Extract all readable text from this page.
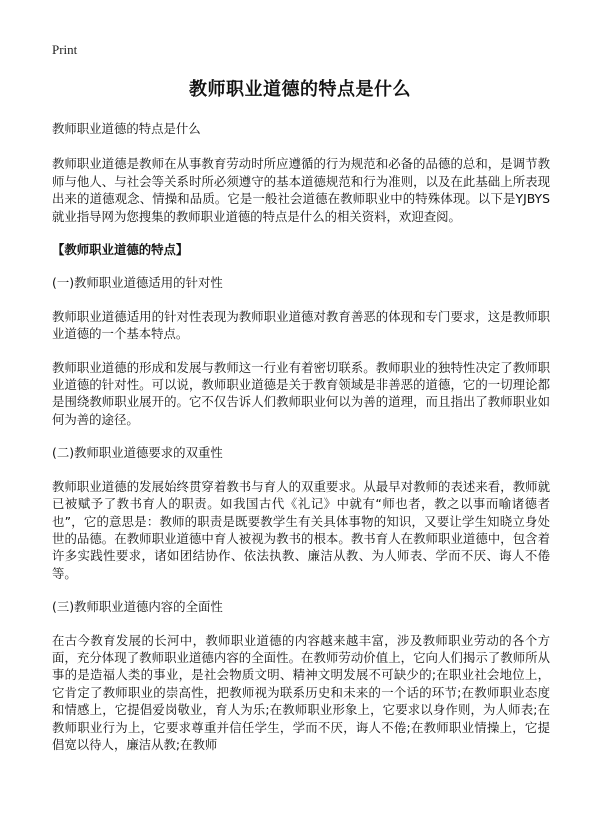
Print
教师职业道德的特点是什么

教师职业道德的特点是什么

教师职业道德是教师在从事教育劳动时所应遵循的行为规范和必备的品德的总和，是调节教师与他人、与社会等关系时所必须遵守的基本道德规范和行为准则，以及在此基础上所表现出来的道德观念、情操和品质。它是一般社会道德在教师职业中的特殊体现。以下是YJBYS就业指导网为您搜集的教师职业道德的特点是什么的相关资料，欢迎查阅。

【教师职业道德的特点】

(一)教师职业道德适用的针对性

教师职业道德适用的针对性表现为教师职业道德对教育善恶的体现和专门要求，这是教师职业道德的一个基本特点。

教师职业道德的形成和发展与教师这一行业有着密切联系。教师职业的独特性决定了教师职业道德的针对性。可以说，教师职业道德是关于教育领域是非善恶的道德，它的一切理论都是围绕教师职业展开的。它不仅告诉人们教师职业何以为善的道理，而且指出了教师职业如何为善的途径。

(二)教师职业道德要求的双重性

教师职业道德的发展始终贯穿着教书与育人的双重要求。从最早对教师的表述来看，教师就已被赋予了教书育人的职责。如我国古代《礼记》中就有“师也者，教之以事而喻诸德者也”，它的意思是：教师的职责是既要教学生有关具体事物的知识，又要让学生知晓立身处世的品德。在教师职业道德中育人被视为教书的根本。教书育人在教师职业道德中，包含着许多实践性要求，诸如团结协作、依法执教、廉洁从教、为人师表、学而不厌、诲人不倦等。

(三)教师职业道德内容的全面性

在古今教育发展的长河中，教师职业道德的内容越来越丰富，涉及教师职业劳动的各个方面，充分体现了教师职业道德内容的全面性。在教师劳动价值上，它向人们揭示了教师所从事的是造福人类的事业，是社会物质文明、精神文明发展不可缺少的;在职业社会地位上，它肯定了教师职业的崇高性，把教师视为联系历史和未来的一个话的环节;在教师职业态度和情感上，它提倡爱岗敬业，育人为乐;在教师职业形象上，它要求以身作则，为人师表;在教师职业行为上，它要求尊重并信任学生，学而不厌，诲人不倦;在教师职业情操上，它提倡宽以待人，廉洁从教;在教师
